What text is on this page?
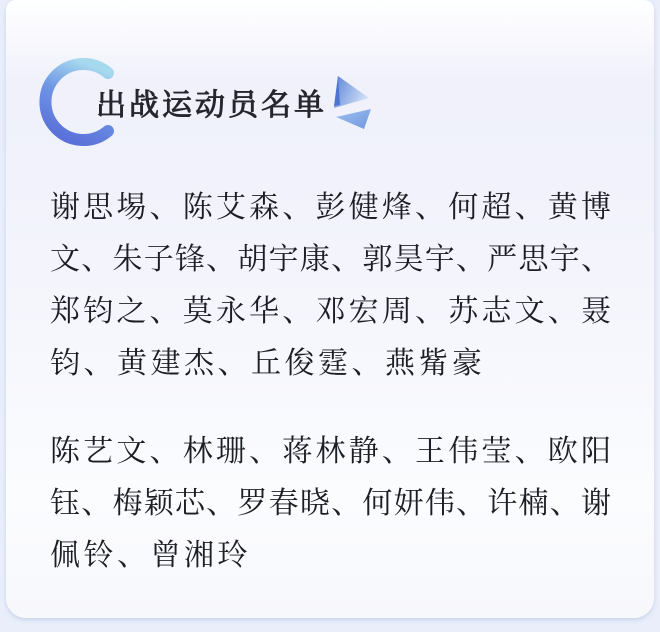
出战运动员名单
谢思埸、陈艾森、彭健烽、何超、黄博
文、朱子锋、胡宇康、郭昊宇、严思宇、
郑钧之、莫永华、邓宏周、苏志文、聂
钧、黄建杰、丘俊霆、燕觜豪
陈艺文、林珊、蒋林静、王伟莹、欧阳
钰、梅颖芯、罗春晓、何妍伟、许楠、谢
佩铃、曾湘玲
